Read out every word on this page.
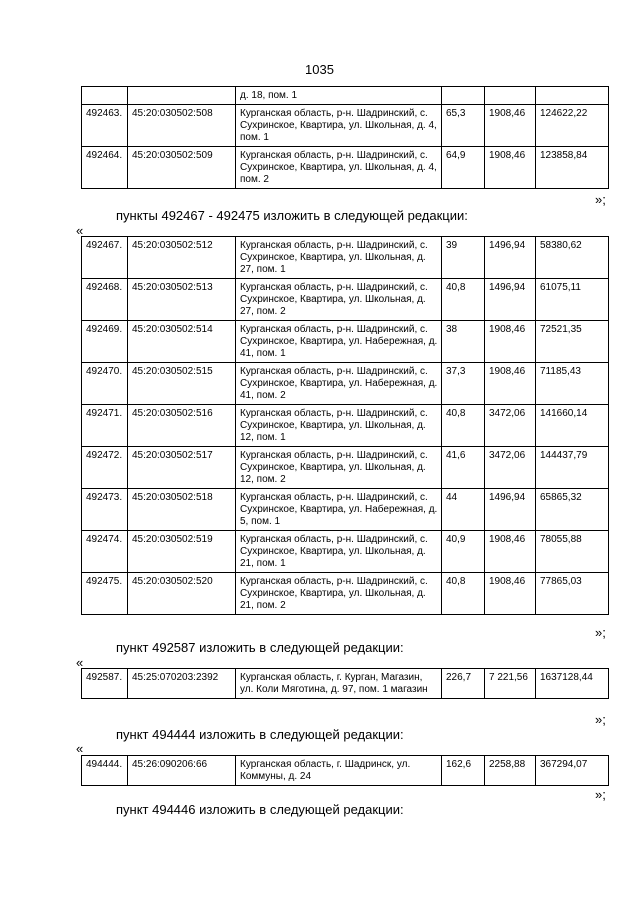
1035
		д. 18, пом. 1			
492463.	45:20:030502:508	Курганская область, р-н. Шадринский, с. Сухринское, Квартира, ул. Школьная, д. 4, пом. 1	65,3	1908,46	124622,22
492464.	45:20:030502:509	Курганская область, р-н. Шадринский, с. Сухринское, Квартира, ул. Школьная, д. 4, пом. 2	64,9	1908,46	123858,84
»;
пункты 492467 - 492475 изложить в следующей редакции:
«
492467.	45:20:030502:512	Курганская область, р-н. Шадринский, с. Сухринское, Квартира, ул. Школьная, д. 27, пом. 1	39	1496,94	58380,62
492468.	45:20:030502:513	Курганская область, р-н. Шадринский, с. Сухринское, Квартира, ул. Школьная, д. 27, пом. 2	40,8	1496,94	61075,11
492469.	45:20:030502:514	Курганская область, р-н. Шадринский, с. Сухринское, Квартира, ул. Набережная, д. 41, пом. 1	38	1908,46	72521,35
492470.	45:20:030502:515	Курганская область, р-н. Шадринский, с. Сухринское, Квартира, ул. Набережная, д. 41, пом. 2	37,3	1908,46	71185,43
492471.	45:20:030502:516	Курганская область, р-н. Шадринский, с. Сухринское, Квартира, ул. Школьная, д. 12, пом. 1	40,8	3472,06	141660,14
492472.	45:20:030502:517	Курганская область, р-н. Шадринский, с. Сухринское, Квартира, ул. Школьная, д. 12, пом. 2	41,6	3472,06	144437,79
492473.	45:20:030502:518	Курганская область, р-н. Шадринский, с. Сухринское, Квартира, ул. Набережная, д. 5, пом. 1	44	1496,94	65865,32
492474.	45:20:030502:519	Курганская область, р-н. Шадринский, с. Сухринское, Квартира, ул. Школьная, д. 21, пом. 1	40,9	1908,46	78055,88
492475.	45:20:030502:520	Курганская область, р-н. Шадринский, с. Сухринское, Квартира, ул. Школьная, д. 21, пом. 2	40,8	1908,46	77865,03
»;
пункт 492587 изложить в следующей редакции:
«
492587.	45:25:070203:2392	Курганская область, г. Курган, Магазин, ул. Коли Мяготина, д. 97, пом. 1 магазин	226,7	7 221,56	1637128,44
»;
пункт 494444 изложить в следующей редакции:
«
494444.	45:26:090206:66	Курганская область, г. Шадринск, ул. Коммуны, д. 24	162,6	2258,88	367294,07
»;
пункт 494446 изложить в следующей редакции:
